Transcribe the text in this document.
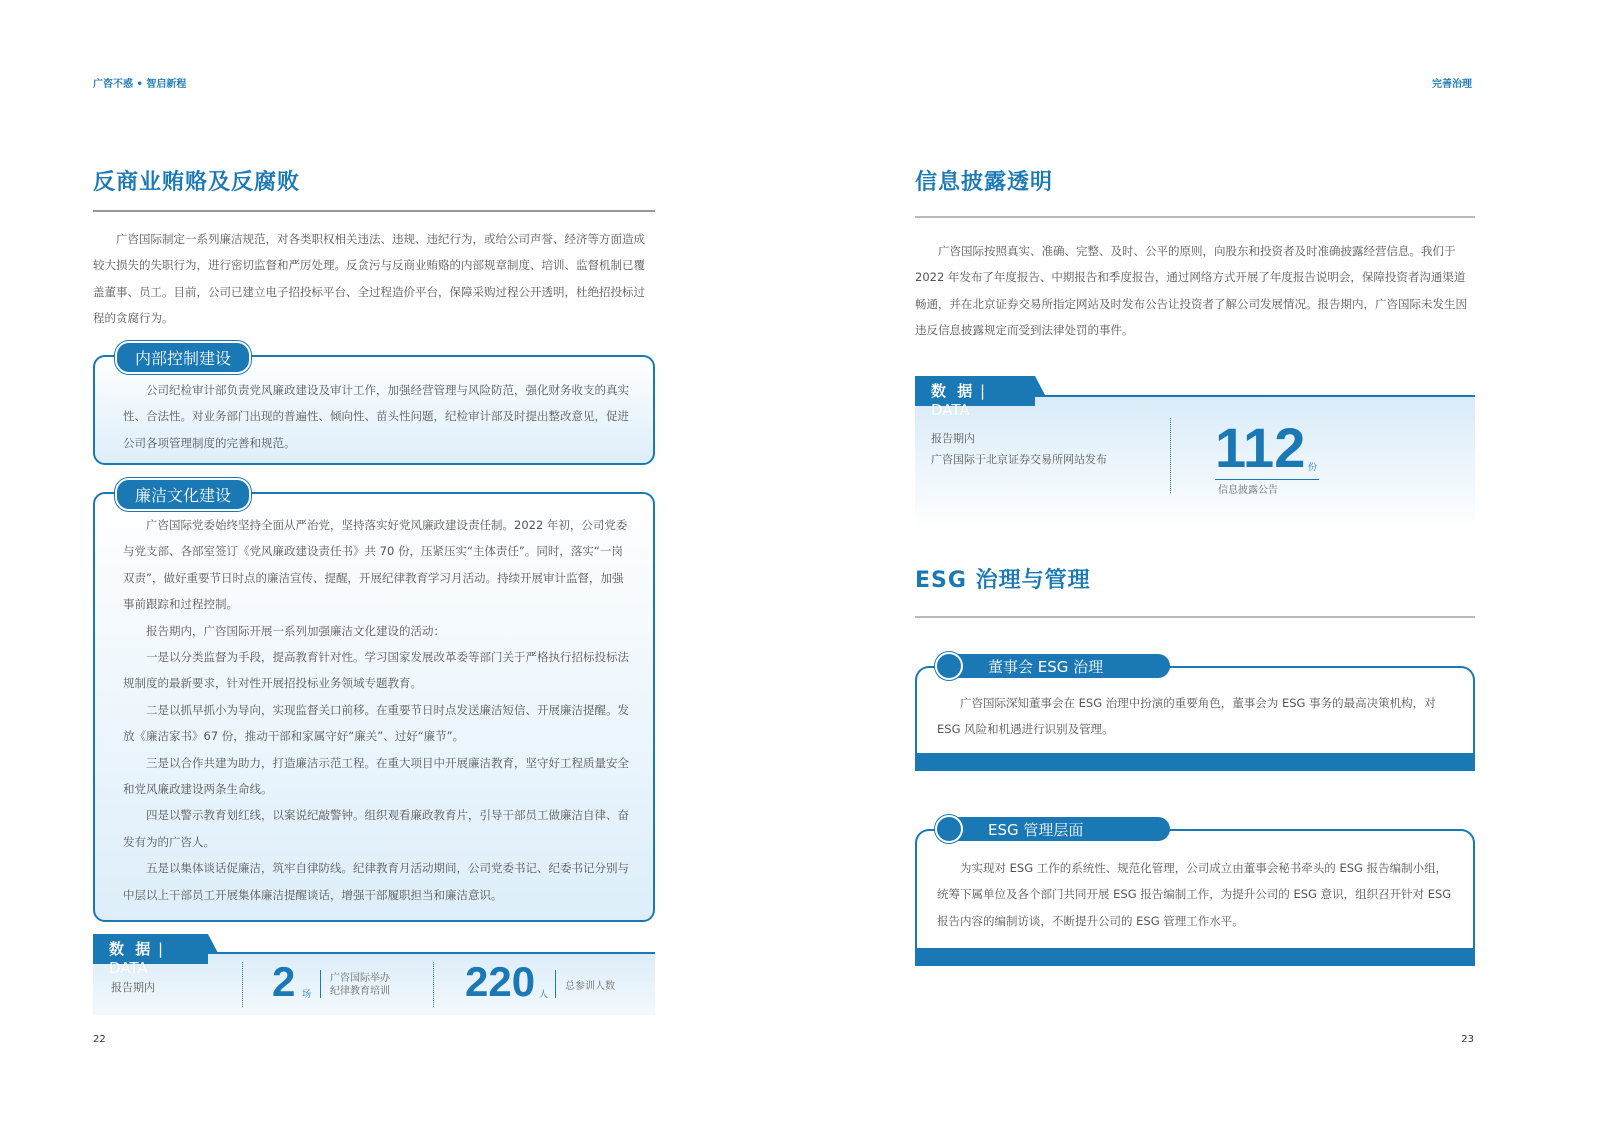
广咨不惑 • 智启新程	完善治理
反商业贿赂及反腐败

广咨国际制定一系列廉洁规范，对各类职权相关违法、违规、违纪行为，或给公司声誉、经济等方面造成较大损失的失职行为，进行密切监督和严厉处理。反贪污与反商业贿赂的内部规章制度、培训、监督机制已覆盖董事、员工。目前，公司已建立电子招投标平台、全过程造价平台，保障采购过程公开透明，杜绝招投标过程的贪腐行为。

公司纪检审计部负责党风廉政建设及审计工作，加强经营管理与风险防范，强化财务收支的真实性、合法性。对业务部门出现的普遍性、倾向性、苗头性问题，纪检审计部及时提出整改意见，促进公司各项管理制度的完善和规范。

内部控制建设

广咨国际党委始终坚持全面从严治党，坚持落实好党风廉政建设责任制。2022 年初，公司党委与党支部、各部室签订《党风廉政建设责任书》共 70 份，压紧压实“主体责任”。同时，落实“一岗双责”，做好重要节日时点的廉洁宣传、提醒，开展纪律教育学习月活动。持续开展审计监督，加强事前跟踪和过程控制。

报告期内，广咨国际开展一系列加强廉洁文化建设的活动：

一是以分类监督为手段，提高教育针对性。学习国家发展改革委等部门关于严格执行招标投标法规制度的最新要求，针对性开展招投标业务领域专题教育。

二是以抓早抓小为导向，实现监督关口前移。在重要节日时点发送廉洁短信、开展廉洁提醒。发放《廉洁家书》67 份，推动干部和家属守好“廉关”、过好“廉节”。

三是以合作共建为助力，打造廉洁示范工程。在重大项目中开展廉洁教育，坚守好工程质量安全和党风廉政建设两条生命线。

四是以警示教育划红线，以案说纪敲警钟。组织观看廉政教育片，引导干部员工做廉洁自律、奋发有为的广咨人。

五是以集体谈话促廉洁，筑牢自律防线。纪律教育月活动期间，公司党委书记、纪委书记分别与中层以上干部员工开展集体廉洁提醒谈话，增强干部履职担当和廉洁意识。

廉洁文化建设
数 据 | DATA
报告期内	2 场
广咨国际举办
纪律教育培训 220 人
总参训人数
22
信息披露透明

广咨国际按照真实、准确、完整、及时、公平的原则，向股东和投资者及时准确披露经营信息。我们于 2022 年发布了年度报告、中期报告和季度报告，通过网络方式开展了年度报告说明会，保障投资者沟通渠道畅通，并在北京证券交易所指定网站及时发布公告让投资者了解公司发展情况。报告期内，广咨国际未发生因违反信息披露规定而受到法律处罚的事件。

数 据 | DATA
报告期内
广咨国际于北京证券交易所网站发布 112 份
信息披露公告
ESG 治理与管理

广咨国际深知董事会在 ESG 治理中扮演的重要角色，董事会为 ESG 事务的最高决策机构，对 ESG 风险和机遇进行识别及管理。

董事会 ESG 治理

为实现对 ESG 工作的系统性、规范化管理，公司成立由董事会秘书牵头的 ESG 报告编制小组，统筹下属单位及各个部门共同开展 ESG 报告编制工作，为提升公司的 ESG 意识，组织召开针对 ESG 报告内容的编制访谈，不断提升公司的 ESG 管理工作水平。

ESG 管理层面
23
